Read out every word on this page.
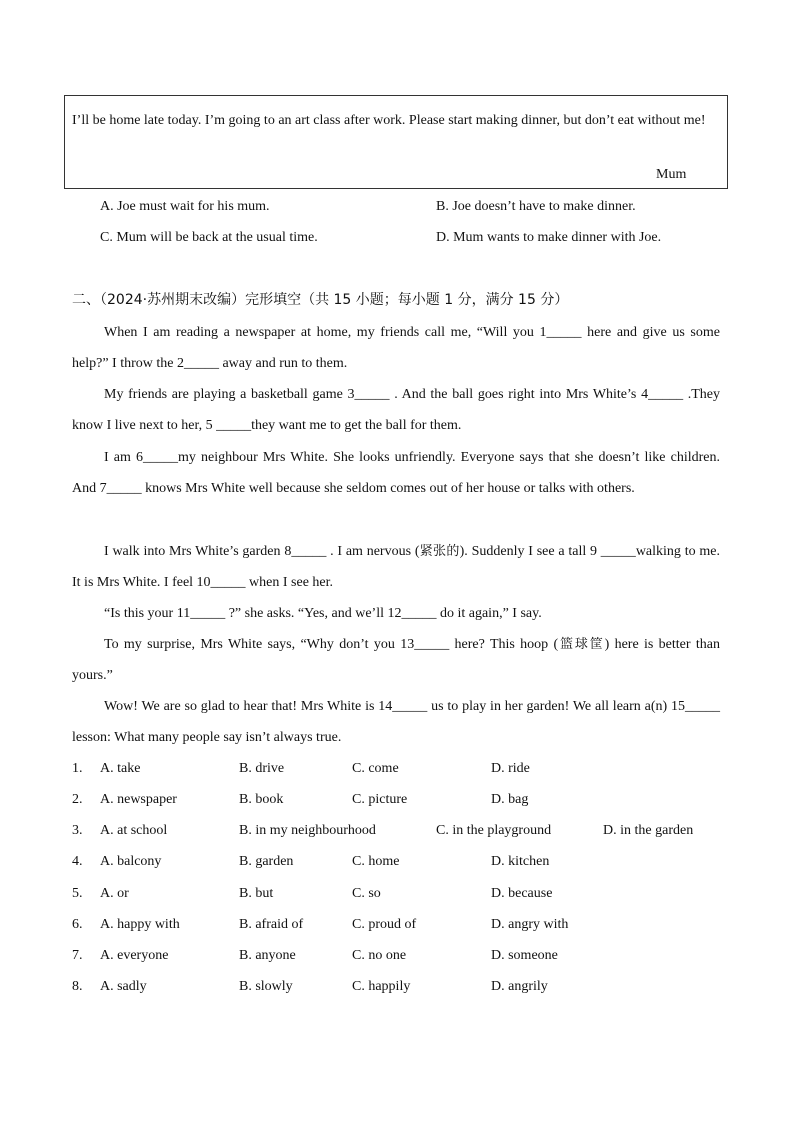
I’ll be home late today. I’m going to an art class after work. Please start making dinner, but don’t eat without me!
Mum
A. Joe must wait for his mum.	B. Joe doesn’t have to make dinner.
C. Mum will be back at the usual time.	D. Mum wants to make dinner with Joe.
二、（2024·苏州期末改编）完形填空（共 15 小题；每小题 1 分，满分 15 分）
When I am reading a newspaper at home, my friends call me, “Will you 1_____ here and give us some help?” I throw the 2_____ away and run to them.
My friends are playing a basketball game 3_____ . And the ball goes right into Mrs White’s 4_____ .They know I live next to her, 5 _____they want me to get the ball for them.
I am 6_____my neighbour Mrs White. She looks unfriendly. Everyone says that she doesn’t like children. And 7_____ knows Mrs White well because she seldom comes out of her house or talks with others.
I walk into Mrs White’s garden 8_____ . I am nervous (紧张的). Suddenly I see a tall 9 _____walking to me. It is Mrs White. I feel 10_____ when I see her.
“Is this your 11_____ ?” she asks. “Yes, and we’ll 12_____ do it again,” I say.
To my surprise, Mrs White says, “Why don’t you 13_____ here? This hoop (篮球筐) here is better than yours.”
Wow! We are so glad to hear that! Mrs White is 14_____ us to play in her garden! We all learn a(n) 15_____ lesson: What many people say isn’t always true.
1. A. take	B. drive	C. come	D. ride
2. A. newspaper	B. book	C. picture	D. bag
3. A. at school	B. in my neighbourhood	C. in the playground	D. in the garden
4. A. balcony	B. garden	C. home	D. kitchen
5. A. or	B. but	C. so	D. because
6. A. happy with	B. afraid of	C. proud of	D. angry with
7. A. everyone	B. anyone	C. no one	D. someone
8. A. sadly	B. slowly	C. happily	D. angrily
